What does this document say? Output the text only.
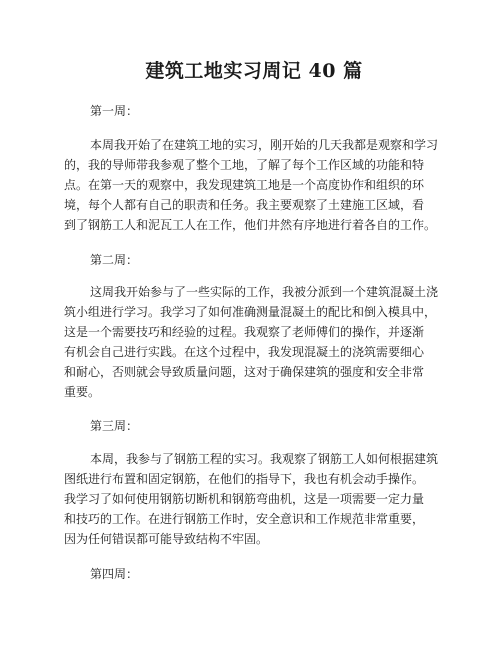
建筑工地实习周记 40 篇

第一周：

本周我开始了在建筑工地的实习，刚开始的几天我都是观察和学习
的，我的导师带我参观了整个工地，了解了每个工作区域的功能和特
点。在第一天的观察中，我发现建筑工地是一个高度协作和组织的环
境，每个人都有自己的职责和任务。我主要观察了土建施工区域，看
到了钢筋工人和泥瓦工人在工作，他们井然有序地进行着各自的工作。

第二周：

这周我开始参与了一些实际的工作，我被分派到一个建筑混凝土浇
筑小组进行学习。我学习了如何准确测量混凝土的配比和倒入模具中，
这是一个需要技巧和经验的过程。我观察了老师傅们的操作，并逐渐
有机会自己进行实践。在这个过程中，我发现混凝土的浇筑需要细心
和耐心，否则就会导致质量问题，这对于确保建筑的强度和安全非常
重要。

第三周：

本周，我参与了钢筋工程的实习。我观察了钢筋工人如何根据建筑
图纸进行布置和固定钢筋，在他们的指导下，我也有机会动手操作。
我学习了如何使用钢筋切断机和钢筋弯曲机，这是一项需要一定力量
和技巧的工作。在进行钢筋工作时，安全意识和工作规范非常重要，
因为任何错误都可能导致结构不牢固。

第四周：
